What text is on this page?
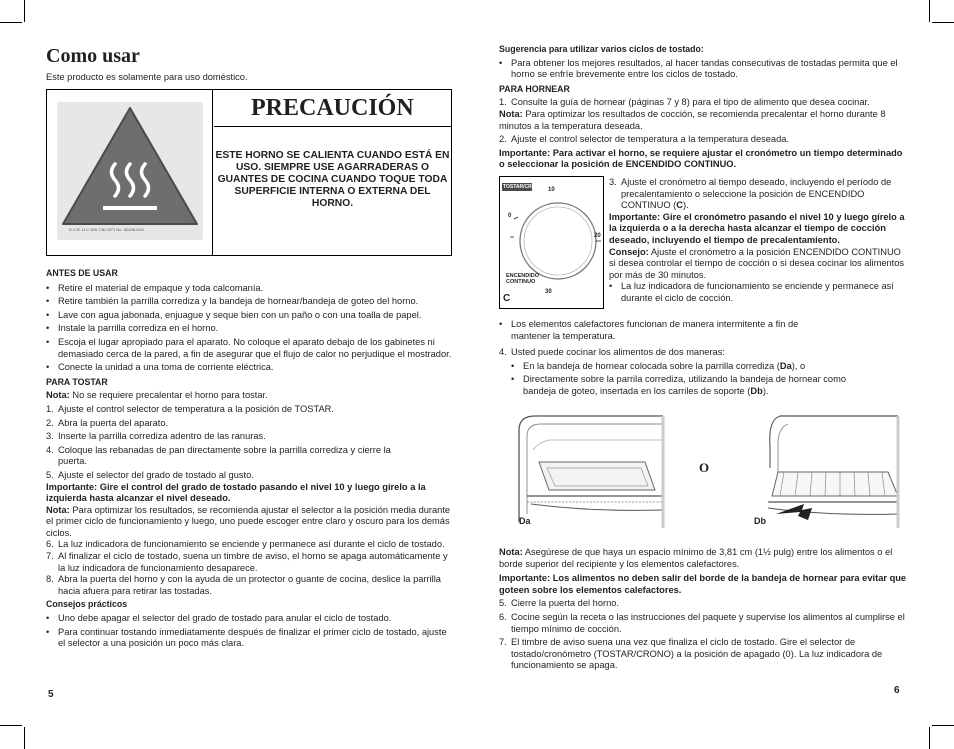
Como usar
Este producto es solamente para uso doméstico.
R.C.B. LLC 609-746-9371 No. 82438-AGJ
PRECAUCIÓN
ESTE HORNO SE CALIENTA CUANDO ESTÁ EN USO. SIEMPRE USE AGARRADERAS O GUANTES DE COCINA CUANDO TOQUE TODA SUPERFICIE INTERNA O EXTERNA DEL HORNO.
ANTES DE USAR
• Retire el material de empaque y toda calcomanía.
• Retire también la parrilla corrediza y la bandeja de hornear/bandeja de goteo del horno.
• Lave con agua jabonada, enjuague y seque bien con un paño o con una toalla de papel.
• Instale la parrilla corrediza en el horno.
• Escoja el lugar apropiado para el aparato. No coloque el aparato debajo de los gabinetes ni demasiado cerca de la pared, a fin de asegurar que el flujo de calor no perjudique el mostrador.
• Conecte la unidad a una toma de corriente eléctrica.
PARA TOSTAR

Nota: No se requiere precalentar el horno para tostar.

1. Ajuste el control selector de temperatura a la posición de TOSTAR.
2. Abra la puerta del aparato.
3. Inserte la parrilla corrediza adentro de las ranuras.
4. Coloque las rebanadas de pan directamente sobre la parrilla corrediza y cierre la puerta.
5. Ajuste el selector del grado de tostado al gusto.

Importante: Gire el control del grado de tostado pasando el nivel 10 y luego gírelo a la izquierda hasta alcanzar el nivel deseado.

Nota: Para optimizar los resultados, se recomienda ajustar el selector a la posición media durante el primer ciclo de funcionamiento y luego, uno puede escoger entre claro y oscuro para los demás ciclos.

6. La luz indicadora de funcionamiento se enciende y permanece así durante el ciclo de tostado.
7. Al finalizar el ciclo de tostado, suena un timbre de aviso, el horno se apaga automáticamente y la luz indicadora de funcionamiento desaparece.
8. Abra la puerta del horno y con la ayuda de un protector o guante de cocina, deslice la parrilla hacia afuera para retirar las tostadas.
Consejos prácticos
• Uno debe apagar el selector del grado de tostado para anular el ciclo de tostado.
• Para continuar tostando inmediatamente después de finalizar el primer ciclo de tostado, ajuste el selector a una posición un poco más clara.
5
Sugerencia para utilizar varios ciclos de tostado:
• Para obtener los mejores resultados, al hacer tandas consecutivas de tostadas permita que el horno se enfríe brevemente entre los ciclos de tostado.
PARA HORNEAR
1. Consulte la guía de hornear (páginas 7 y 8) para el tipo de alimento que desea cocinar.

Nota: Para optimizar los resultados de cocción, se recomienda precalentar el horno durante 8 minutos a la temperatura deseada.

2. Ajuste el control selector de temperatura a la temperatura deseada.

Importante: Para activar el horno, se requiere ajustar el cronómetro un tiempo determinado o seleccionar la posición de ENCENDIDO CONTINUO.

TOSTAR/CRONO 10
20
30
0
ENCENDIDO
CONTINUO
C
3. Ajuste el cronómetro al tiempo deseado, incluyendo el período de precalentamiento o seleccione la posición de ENCENDIDO CONTINUO (C).

Importante: Gire el cronómetro pasando el nivel 10 y luego gírelo a la izquierda o a la derecha hasta alcanzar el tiempo de cocción deseado, incluyendo el tiempo de precalentamiento.

Consejo: Ajuste el cronómetro a la posición ENCENDIDO CONTINUO si desea controlar el tiempo de cocción o si desea cocinar los alimentos por más de 30 minutos.

• La luz indicadora de funcionamiento se enciende y permanece así durante el ciclo de cocción.
• Los elementos calefactores funcionan de manera intermitente a fin de mantener la temperatura.
4. Usted puede cocinar los alimentos de dos maneras:
• En la bandeja de hornear colocada sobre la parrilla corrediza (Da), o
• Directamente sobre la parrila corrediza, utilizando la bandeja de hornear como bandeja de goteo, insertada en los carriles de soporte (Db).
Da
O
Db

Nota: Asegúrese de que haya un espacio mínimo de 3,81 cm (1½ pulg) entre los alimentos o el borde superior del recipiente y los elementos calefactores.

Importante: Los alimentos no deben salir del borde de la bandeja de hornear para evitar que goteen sobre los elementos calefactores.

5. Cierre la puerta del horno.
6. Cocine según la receta o las instrucciones del paquete y supervise los alimentos al cumplirse el tiempo mínimo de cocción.
7. El timbre de aviso suena una vez que finaliza el ciclo de tostado. Gire el selector de tostado/cronómetro (TOSTAR/CRONO) a la posición de apagado (0). La luz indicadora de funcionamiento se apaga.
6
